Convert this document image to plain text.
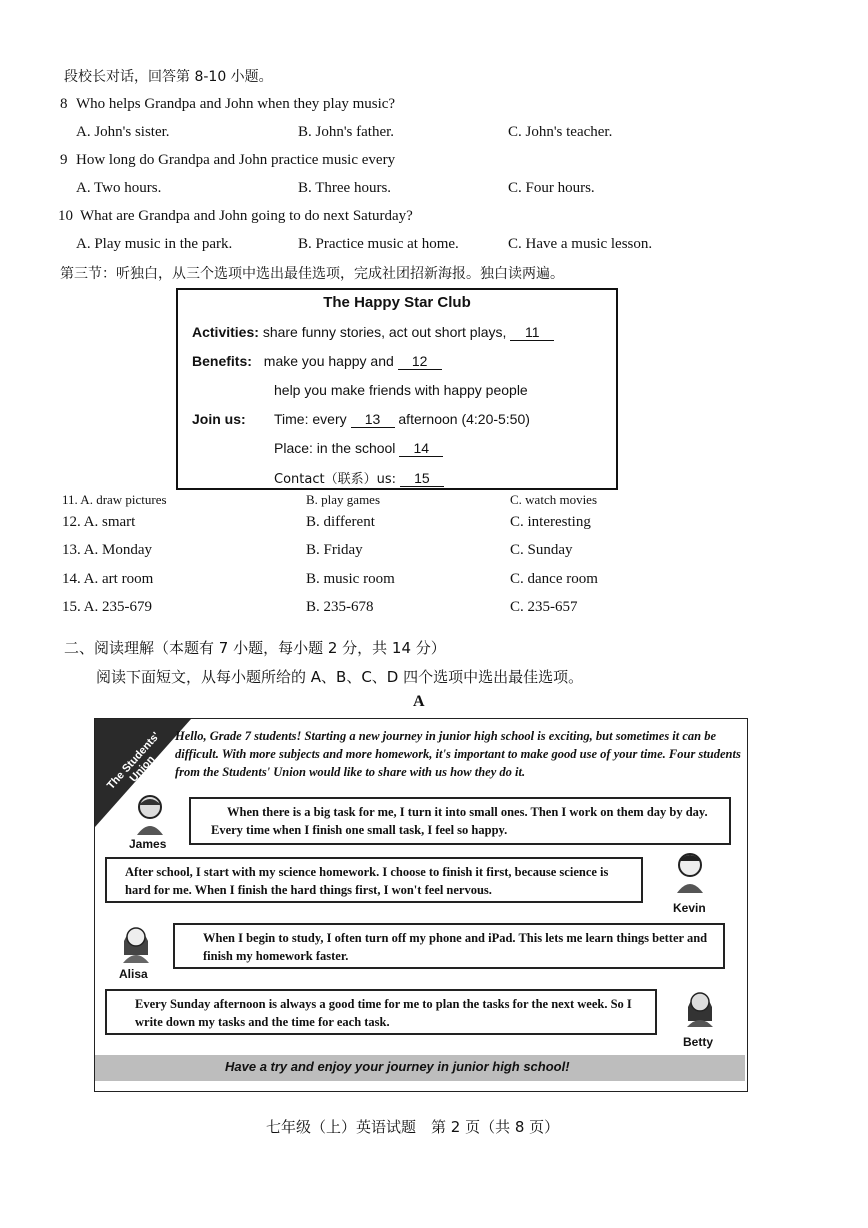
段校长对话，回答第 8-10 小题。
8 Who helps Grandpa and John when they play music?
A. John's sister.	B. John's father.	C. John's teacher.
9 How long do Grandpa and John practice music every
A. Two hours.	B. Three hours.	C. Four hours.
10 What are Grandpa and John going to do next Saturday?
A. Play music in the park.	B. Practice music at home.	C. Have a music lesson.
第三节：听独白，从三个选项中选出最佳选项，完成社团招新海报。独白读两遍。
The Happy Star Club
Activities: share funny stories, act out short plays, 11
Benefits: make you happy and 12
help you make friends with happy people
Join us: Time: every 13 afternoon (4:20-5:50)
Place: in the school 14
Contact（联系）us: 15
11. A. draw pictures	B. play games	C. watch movies
12. A. smart	B. different	C. interesting
13. A. Monday	B. Friday	C. Sunday
14. A. art room	B. music room	C. dance room
15. A. 235-679	B. 235-678	C. 235-657
二、阅读理解（本题有 7 小题，每小题 2 分，共 14 分）
阅读下面短文，从每小题所给的 A、B、C、D 四个选项中选出最佳选项。
A
The Students' Union
Hello, Grade 7 students! Starting a new journey in junior high school is exciting, but sometimes it can be difficult. With more subjects and more homework, it's important to make good use of your time. Four students from the Students' Union would like to share with us how they do it.
James
When there is a big task for me, I turn it into small ones. Then I work on them day by day. Every time when I finish one small task, I feel so happy.
After school, I start with my science homework. I choose to finish it first, because science is hard for me. When I finish the hard things first, I won't feel nervous.
Kevin
Alisa
When I begin to study, I often turn off my phone and iPad. This lets me learn things better and finish my homework faster.
Every Sunday afternoon is always a good time for me to plan the tasks for the next week. So I write down my tasks and the time for each task.
Betty
Have a try and enjoy your journey in junior high school!
七年级（上）英语试题　第 2 页（共 8 页）
